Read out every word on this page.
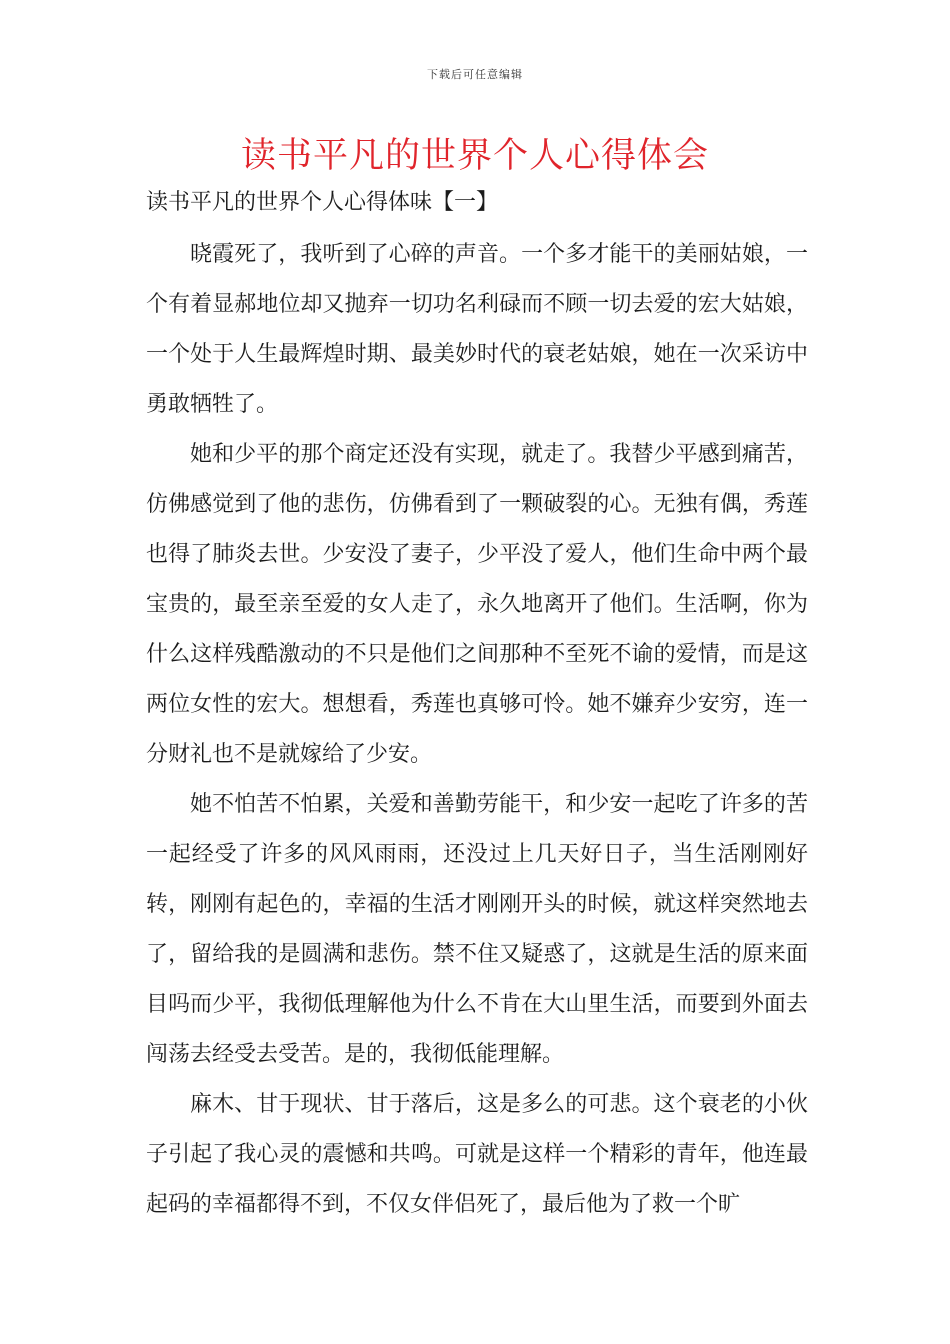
下载后可任意编辑
读书平凡的世界个人心得体会
读书平凡的世界个人心得体味【一】

晓霞死了，我听到了心碎的声音。一个多才能干的美丽姑娘，一个有着显郝地位却又抛弃一切功名利碌而不顾一切去爱的宏大姑娘，一个处于人生最辉煌时期、最美妙时代的衰老姑娘，她在一次采访中勇敢牺牲了。

她和少平的那个商定还没有实现，就走了。我替少平感到痛苦，仿佛感觉到了他的悲伤，仿佛看到了一颗破裂的心。无独有偶，秀莲也得了肺炎去世。少安没了妻子，少平没了爱人，他们生命中两个最宝贵的，最至亲至爱的女人走了，永久地离开了他们。生活啊，你为什么这样残酷激动的不只是他们之间那种不至死不谕的爱情，而是这两位女性的宏大。想想看，秀莲也真够可怜。她不嫌弃少安穷，连一分财礼也不是就嫁给了少安。

她不怕苦不怕累，关爱和善勤劳能干，和少安一起吃了许多的苦一起经受了许多的风风雨雨，还没过上几天好日子，当生活刚刚好转，刚刚有起色的，幸福的生活才刚刚开头的时候，就这样突然地去了，留给我的是圆满和悲伤。禁不住又疑惑了，这就是生活的原来面目吗而少平，我彻低理解他为什么不肯在大山里生活，而要到外面去闯荡去经受去受苦。是的，我彻低能理解。

麻木、甘于现状、甘于落后，这是多么的可悲。这个衰老的小伙子引起了我心灵的震憾和共鸣。可就是这样一个精彩的青年，他连最起码的幸福都得不到，不仅女伴侣死了，最后他为了救一个旷
